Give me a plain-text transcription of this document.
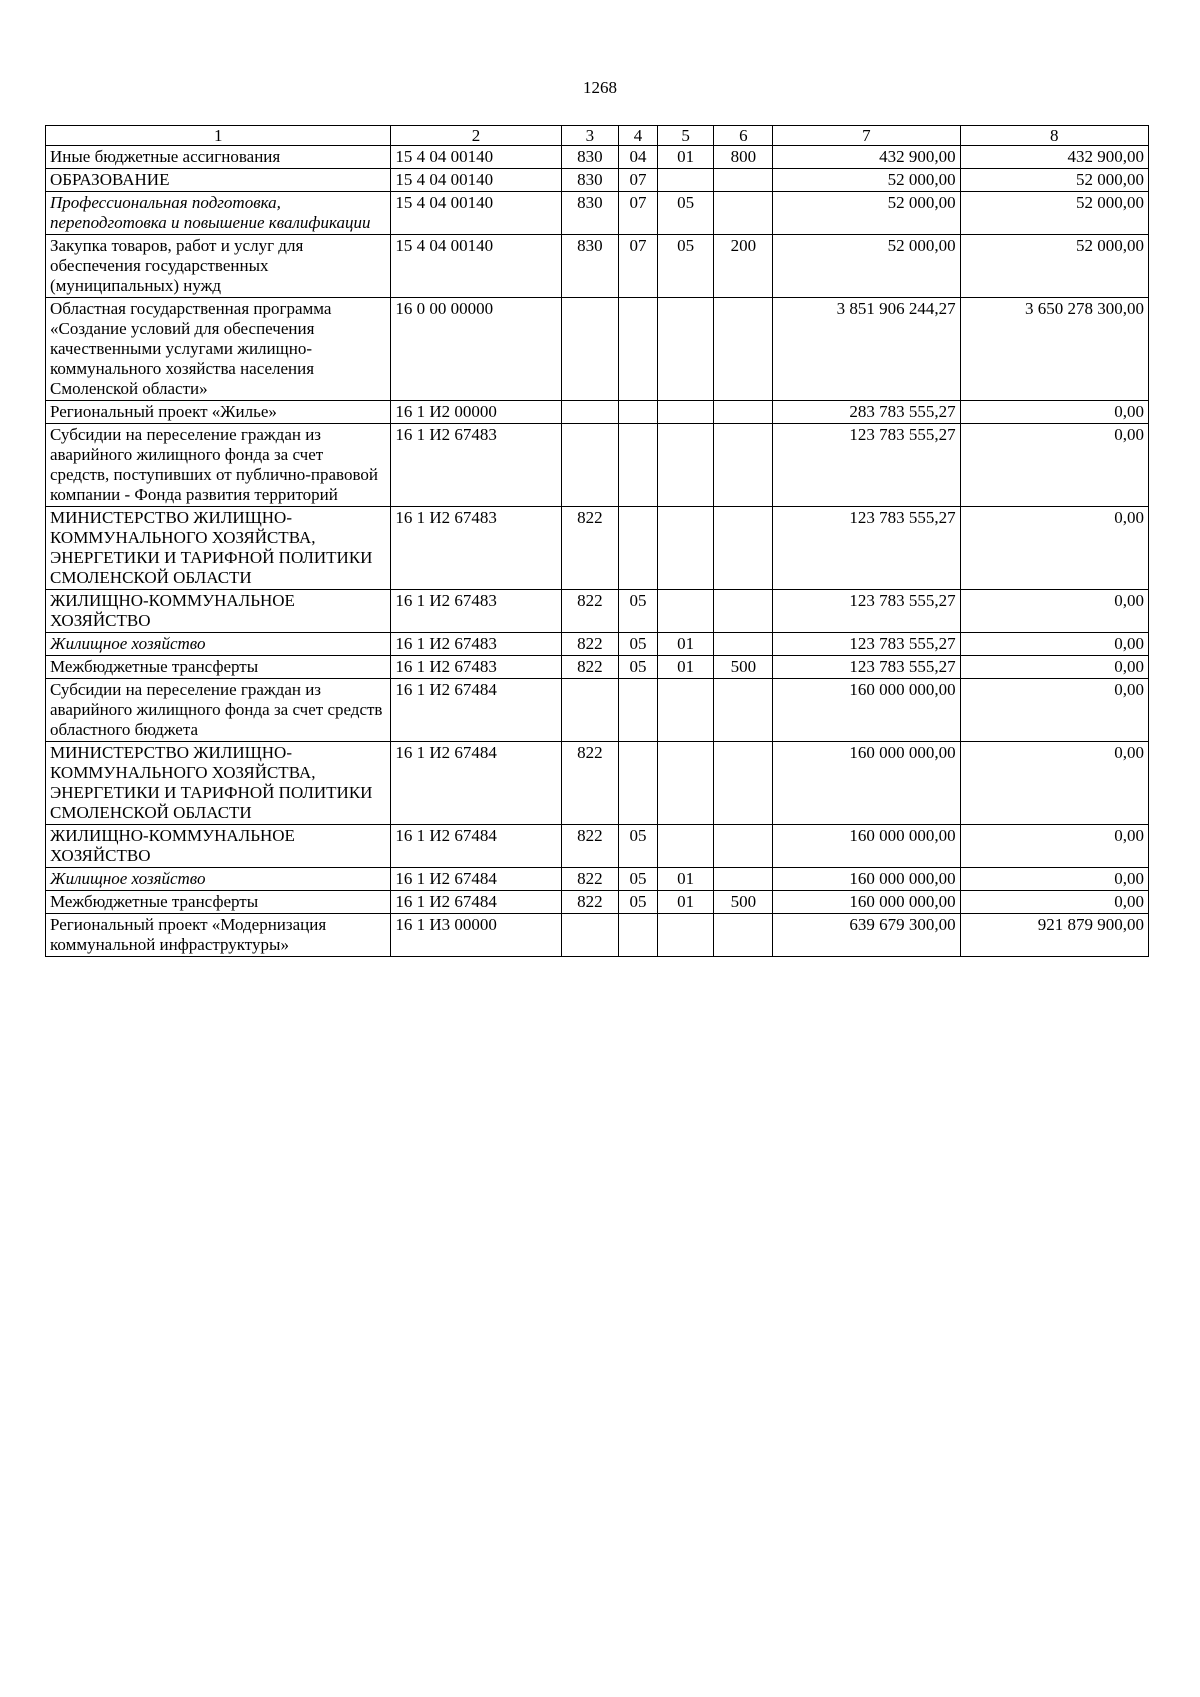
1268
1	2	3	4	5	6	7	8
Иные бюджетные ассигнования	15 4 04 00140	830	04	01	800	432 900,00	432 900,00
ОБРАЗОВАНИЕ	15 4 04 00140	830	07			52 000,00	52 000,00
Профессиональная подготовка, переподготовка и повышение квалификации	15 4 04 00140	830	07	05		52 000,00	52 000,00
Закупка товаров, работ и услуг для обеспечения государственных (муниципальных) нужд	15 4 04 00140	830	07	05	200	52 000,00	52 000,00
Областная государственная программа «Создание условий для обеспечения качественными услугами жилищно-коммунального хозяйства населения Смоленской области»	16 0 00 00000					3 851 906 244,27	3 650 278 300,00
Региональный проект «Жилье»	16 1 И2 00000					283 783 555,27	0,00
Субсидии на переселение граждан из аварийного жилищного фонда за счет средств, поступивших от публично-правовой компании - Фонда развития территорий	16 1 И2 67483					123 783 555,27	0,00
МИНИСТЕРСТВО ЖИЛИЩНО-КОММУНАЛЬНОГО ХОЗЯЙСТВА, ЭНЕРГЕТИКИ И ТАРИФНОЙ ПОЛИТИКИ СМОЛЕНСКОЙ ОБЛАСТИ	16 1 И2 67483	822				123 783 555,27	0,00
ЖИЛИЩНО-КОММУНАЛЬНОЕ ХОЗЯЙСТВО	16 1 И2 67483	822	05			123 783 555,27	0,00
Жилищное хозяйство	16 1 И2 67483	822	05	01		123 783 555,27	0,00
Межбюджетные трансферты	16 1 И2 67483	822	05	01	500	123 783 555,27	0,00
Субсидии на переселение граждан из аварийного жилищного фонда за счет средств областного бюджета	16 1 И2 67484					160 000 000,00	0,00
МИНИСТЕРСТВО ЖИЛИЩНО-КОММУНАЛЬНОГО ХОЗЯЙСТВА, ЭНЕРГЕТИКИ И ТАРИФНОЙ ПОЛИТИКИ СМОЛЕНСКОЙ ОБЛАСТИ	16 1 И2 67484	822				160 000 000,00	0,00
ЖИЛИЩНО-КОММУНАЛЬНОЕ ХОЗЯЙСТВО	16 1 И2 67484	822	05			160 000 000,00	0,00
Жилищное хозяйство	16 1 И2 67484	822	05	01		160 000 000,00	0,00
Межбюджетные трансферты	16 1 И2 67484	822	05	01	500	160 000 000,00	0,00
Региональный проект «Модернизация коммунальной инфраструктуры»	16 1 И3 00000					639 679 300,00	921 879 900,00
